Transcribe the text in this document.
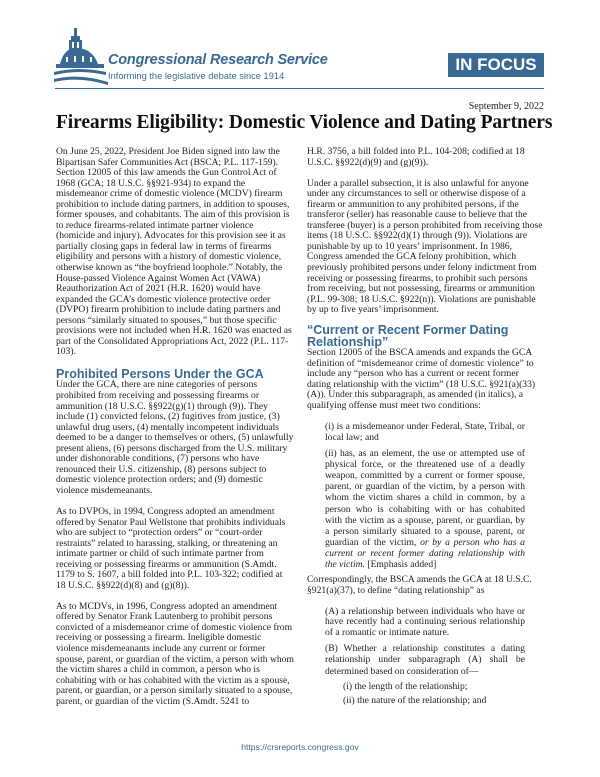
Congressional Research Service
Informing the legislative debate since 1914
IN FOCUS
September 9, 2022
Firearms Eligibility: Domestic Violence and Dating Partners

On June 25, 2022, President Joe Biden signed into law the Bipartisan Safer Communities Act (BSCA; P.L. 117-159). Section 12005 of this law amends the Gun Control Act of 1968 (GCA; 18 U.S.C. §§921-934) to expand the misdemeanor crime of domestic violence (MCDV) firearm prohibition to include dating partners, in addition to spouses, former spouses, and cohabitants. The aim of this provision is to reduce firearms-related intimate partner violence (homicide and injury). Advocates for this provision see it as partially closing gaps in federal law in terms of firearms eligibility and persons with a history of domestic violence, otherwise known as “the boyfriend loophole.” Notably, the House-passed Violence Against Women Act (VAWA) Reauthorization Act of 2021 (H.R. 1620) would have expanded the GCA’s domestic violence protective order (DVPO) firearm prohibition to include dating partners and persons “similarly situated to spouses,” but those specific provisions were not included when H.R. 1620 was enacted as part of the Consolidated Appropriations Act, 2022 (P.L. 117-103).

Prohibited Persons Under the GCA

Under the GCA, there are nine categories of persons prohibited from receiving and possessing firearms or ammunition (18 U.S.C. §§922(g)(1) through (9)). They include (1) convicted felons, (2) fugitives from justice, (3) unlawful drug users, (4) mentally incompetent individuals deemed to be a danger to themselves or others, (5) unlawfully present aliens, (6) persons discharged from the U.S. military under dishonorable conditions, (7) persons who have renounced their U.S. citizenship, (8) persons subject to domestic violence protection orders; and (9) domestic violence misdemeanants.

As to DVPOs, in 1994, Congress adopted an amendment offered by Senator Paul Wellstone that prohibits individuals who are subject to “protection orders” or “court-order restraints” related to harassing, stalking, or threatening an intimate partner or child of such intimate partner from receiving or possessing firearms or ammunition (S.Amdt. 1179 to S. 1607, a bill folded into P.L. 103-322; codified at 18 U.S.C. §§922(d)(8) and (g)(8)).

As to MCDVs, in 1996, Congress adopted an amendment offered by Senator Frank Lautenberg to prohibit persons convicted of a misdemeanor crime of domestic violence from receiving or possessing a firearm. Ineligible domestic violence misdemeanants include any current or former spouse, parent, or guardian of the victim, a person with whom the victim shares a child in common, a person who is cohabiting with or has cohabited with the victim as a spouse, parent, or guardian, or a person similarly situated to a spouse, parent, or guardian of the victim (S.Amdt. 5241 to

H.R. 3756, a bill folded into P.L. 104-208; codified at 18 U.S.C. §§922(d)(9) and (g)(9)).

Under a parallel subsection, it is also unlawful for anyone under any circumstances to sell or otherwise dispose of a firearm or ammunition to any prohibited persons, if the transferor (seller) has reasonable cause to believe that the transferee (buyer) is a person prohibited from receiving those items (18 U.S.C. §§922(d)(1) through (9)). Violations are punishable by up to 10 years’ imprisonment. In 1986, Congress amended the GCA felony prohibition, which previously prohibited persons under felony indictment from receiving or possessing firearms, to prohibit such persons from receiving, but not possessing, firearms or ammunition (P.L. 99-308; 18 U.S.C. §922(n)). Violations are punishable by up to five years’ imprisonment.

“Current or Recent Former Dating Relationship”

Section 12005 of the BSCA amends and expands the GCA definition of “misdemeanor crime of domestic violence” to include any “person who has a current or recent former dating relationship with the victim” (18 U.S.C. §921(a)(33)(A)). Under this subparagraph, as amended (in italics), a qualifying offense must meet two conditions:

(i) is a misdemeanor under Federal, State, Tribal, or local law; and
(ii) has, as an element, the use or attempted use of physical force, or the threatened use of a deadly weapon, committed by a current or former spouse, parent, or guardian of the victim, by a person with whom the victim shares a child in common, by a person who is cohabiting with or has cohabited with the victim as a spouse, parent, or guardian, by a person similarly situated to a spouse, parent, or guardian of the victim, or by a person who has a current or recent former dating relationship with the victim. [Emphasis added]

Correspondingly, the BSCA amends the GCA at 18 U.S.C. §921(a)(37), to define “dating relationship” as

(A) a relationship between individuals who have or have recently had a continuing serious relationship of a romantic or intimate nature.
(B) Whether a relationship constitutes a dating relationship under subparagraph (A) shall be determined based on consideration of—
(i) the length of the relationship;
(ii) the nature of the relationship; and
https://crsreports.congress.gov
